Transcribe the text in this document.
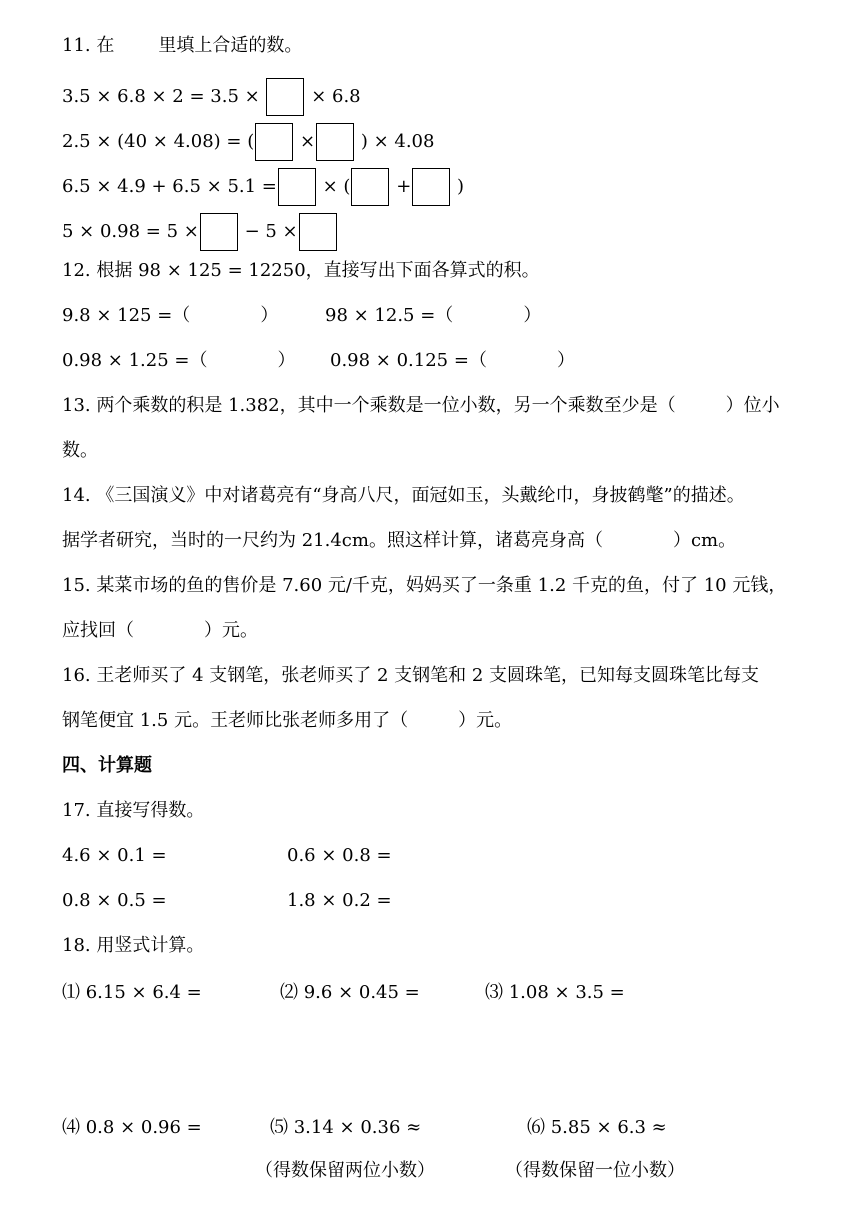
11. 在 里填上合适的数。
3.5 × 6.8 × 2 = 3.5 ×	× 6.8
2.5 × (40 × 4.08) = (	×	) × 4.08
6.5 × 4.9 + 6.5 × 5.1 =	× (	+	)
5 × 0.98 = 5 ×	− 5 ×
12. 根据 98 × 125 = 12250，直接写出下面各算式的积。
9.8 × 125 =（	）	98 × 12.5 =（	）
0.98 × 1.25 =（	） 0.98 × 0.125 =（	）
13. 两个乘数的积是 1.382，其中一个乘数是一位小数，另一个乘数至少是（	）位小
数。
14. 《三国演义》中对诸葛亮有“身高八尺，面冠如玉，头戴纶巾，身披鹤氅”的描述。
据学者研究，当时的一尺约为 21.4cm。照这样计算，诸葛亮身高（	）cm。
15. 某菜市场的鱼的售价是 7.60 元/千克，妈妈买了一条重 1.2 千克的鱼，付了 10 元钱，
应找回（	）元。
16. 王老师买了 4 支钢笔，张老师买了 2 支钢笔和 2 支圆珠笔，已知每支圆珠笔比每支
钢笔便宜 1.5 元。王老师比张老师多用了（	）元。
四、计算题
17. 直接写得数。
4.6 × 0.1 =	0.6 × 0.8 =
0.8 × 0.5 =	1.8 × 0.2 =
18. 用竖式计算。
⑴ 6.15 × 6.4 =	⑵ 9.6 × 0.45 =	⑶ 1.08 × 3.5 =
⑷ 0.8 × 0.96 =	⑸ 3.14 × 0.36 ≈	⑹ 5.85 × 6.3 ≈
（得数保留两位小数）	（得数保留一位小数）
